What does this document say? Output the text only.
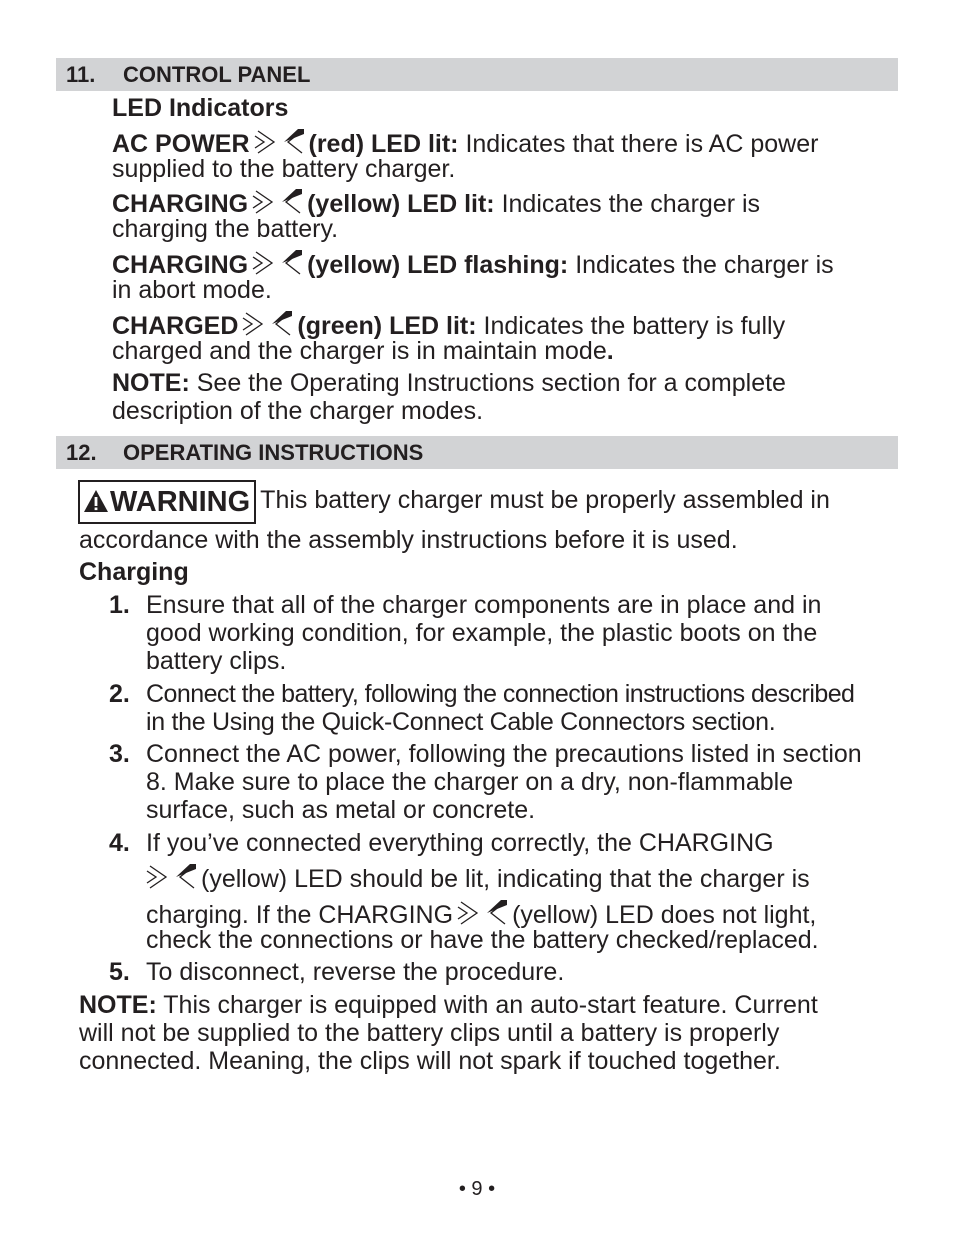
11. CONTROL PANEL
LED Indicators
AC POWER (red) LED lit: Indicates that there is AC power
supplied to the battery charger.
CHARGING (yellow) LED lit: Indicates the charger is
charging the battery.
CHARGING (yellow) LED flashing: Indicates the charger is
in abort mode.
CHARGED (green) LED lit: Indicates the battery is fully
charged and the charger is in maintain mode.
NOTE: See the Operating Instructions section for a complete
description of the charger modes.
12. OPERATING INSTRUCTIONS
WARNING This battery charger must be properly assembled in
accordance with the assembly instructions before it is used.
Charging
1. Ensure that all of the charger components are in place and in
good working condition, for example, the plastic boots on the
battery clips.
2. Connect the battery, following the connection instructions described
in the Using the Quick-Connect Cable Connectors section.
3. Connect the AC power, following the precautions listed in section
8. Make sure to place the charger on a dry, non-flammable
surface, such as metal or concrete.
4. If you’ve connected everything correctly, the CHARGING
(yellow) LED should be lit, indicating that the charger is
charging. If the CHARGING (yellow) LED does not light,
check the connections or have the battery checked/replaced.
5. To disconnect, reverse the procedure.
NOTE: This charger is equipped with an auto-start feature. Current
will not be supplied to the battery clips until a battery is properly
connected. Meaning, the clips will not spark if touched together.
• 9 •
